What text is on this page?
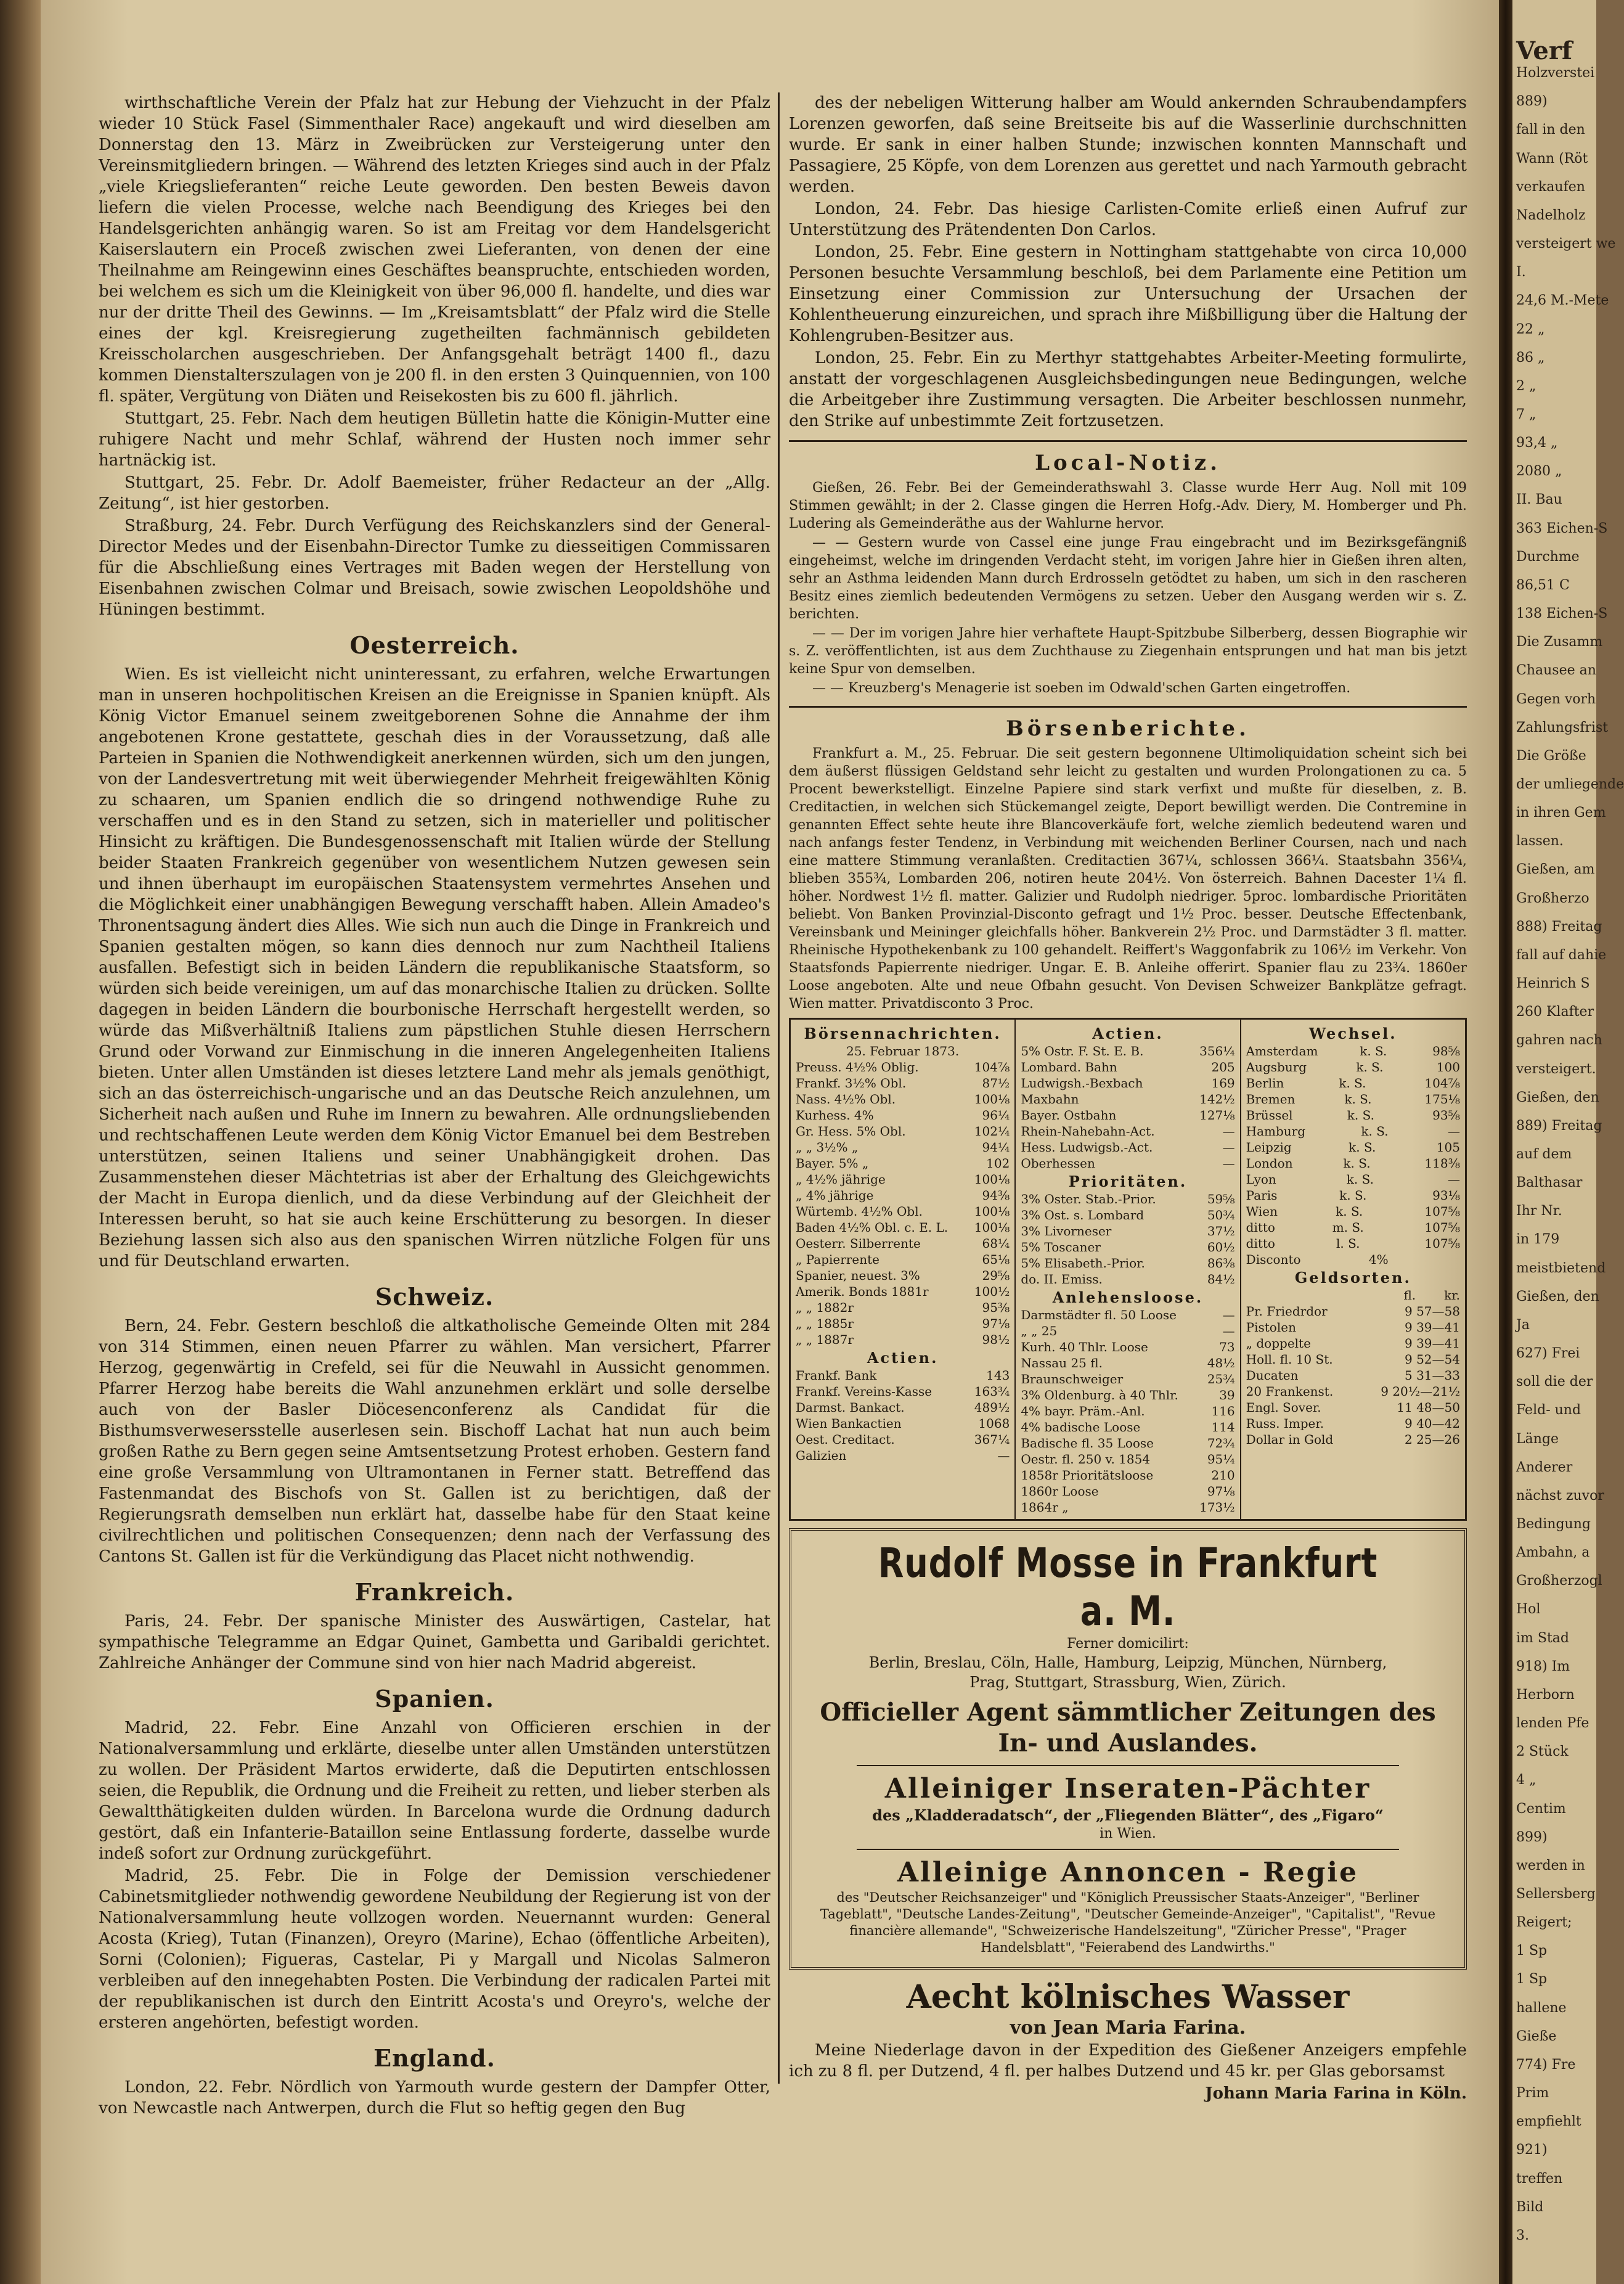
Verf
Holzverstei
889)
fall in den
Wann (Röt
verkaufen
Nadelholz
versteigert we
I.
24,6 M.-Mete
22 „
86 „
2 „
7 „
93,4 „
2080 „
II. Bau
363 Eichen-S
Durchme
86,51 C
138 Eichen-S
Die Zusamm
Chausee an
Gegen vorh
Zahlungsfrist
Die Größe
der umliegende
in ihren Gem
lassen.
Gießen, am
Großherzo
888) Freitag
fall auf dahie
Heinrich S
260 Klafter
gahren nach
versteigert.
Gießen, den
889) Freitag
auf dem
Balthasar
Ihr Nr.
in 179
meistbietend
Gießen, den
Ja
627) Frei
soll die der
Feld- und
Länge
Anderer
nächst zuvor
Bedingung
Ambahn, a
Großherzogl
Hol
im Stad
918) Im
Herborn
lenden Pfe
2 Stück
4 „
Centim
899)
werden in
Sellersberg
Reigert;
1 Sp
1 Sp
hallene
Gieße
774) Fre
Prim
empfiehlt
921)
treffen
Bild
3.
wirthschaftliche Verein der Pfalz hat zur Hebung der Viehzucht in der Pfalz wieder 10 Stück Fasel (Simmenthaler Race) angekauft und wird dieselben am Donnerstag den 13. März in Zweibrücken zur Versteigerung unter den Vereinsmitgliedern bringen. — Während des letzten Krieges sind auch in der Pfalz „viele Kriegslieferanten“ reiche Leute geworden. Den besten Beweis davon liefern die vielen Processe, welche nach Beendigung des Krieges bei den Handelsgerichten anhängig waren. So ist am Freitag vor dem Handelsgericht Kaiserslautern ein Proceß zwischen zwei Lieferanten, von denen der eine Theilnahme am Reingewinn eines Geschäftes beanspruchte, entschieden worden, bei welchem es sich um die Kleinigkeit von über 96,000 fl. handelte, und dies war nur der dritte Theil des Gewinns. — Im „Kreisamtsblatt“ der Pfalz wird die Stelle eines der kgl. Kreisregierung zugetheilten fachmännisch gebildeten Kreisscholarchen ausgeschrieben. Der Anfangsgehalt beträgt 1400 fl., dazu kommen Dienstalterszulagen von je 200 fl. in den ersten 3 Quinquennien, von 100 fl. später, Vergütung von Diäten und Reisekosten bis zu 600 fl. jährlich.
Stuttgart, 25. Febr. Nach dem heutigen Bülletin hatte die Königin-Mutter eine ruhigere Nacht und mehr Schlaf, während der Husten noch immer sehr hartnäckig ist.
Stuttgart, 25. Febr. Dr. Adolf Baemeister, früher Redacteur an der „Allg. Zeitung“, ist hier gestorben.
Straßburg, 24. Febr. Durch Verfügung des Reichskanzlers sind der General-Director Medes und der Eisenbahn-Director Tumke zu diesseitigen Commissaren für die Abschließung eines Vertrages mit Baden wegen der Herstellung von Eisenbahnen zwischen Colmar und Breisach, sowie zwischen Leopoldshöhe und Hüningen bestimmt.
Oesterreich.
Wien. Es ist vielleicht nicht uninteressant, zu erfahren, welche Erwartungen man in unseren hochpolitischen Kreisen an die Ereignisse in Spanien knüpft. Als König Victor Emanuel seinem zweitgeborenen Sohne die Annahme der ihm angebotenen Krone gestattete, geschah dies in der Voraussetzung, daß alle Parteien in Spanien die Nothwendigkeit anerkennen würden, sich um den jungen, von der Landesvertretung mit weit überwiegender Mehrheit freigewählten König zu schaaren, um Spanien endlich die so dringend nothwendige Ruhe zu verschaffen und es in den Stand zu setzen, sich in materieller und politischer Hinsicht zu kräftigen. Die Bundesgenossenschaft mit Italien würde der Stellung beider Staaten Frankreich gegenüber von wesentlichem Nutzen gewesen sein und ihnen überhaupt im europäischen Staatensystem vermehrtes Ansehen und die Möglichkeit einer unabhängigen Bewegung verschafft haben. Allein Amadeo's Thronentsagung ändert dies Alles. Wie sich nun auch die Dinge in Frankreich und Spanien gestalten mögen, so kann dies dennoch nur zum Nachtheil Italiens ausfallen. Befestigt sich in beiden Ländern die republikanische Staatsform, so würden sich beide vereinigen, um auf das monarchische Italien zu drücken. Sollte dagegen in beiden Ländern die bourbonische Herrschaft hergestellt werden, so würde das Mißverhältniß Italiens zum päpstlichen Stuhle diesen Herrschern Grund oder Vorwand zur Einmischung in die inneren Angelegenheiten Italiens bieten. Unter allen Umständen ist dieses letztere Land mehr als jemals genöthigt, sich an das österreichisch-ungarische und an das Deutsche Reich anzulehnen, um Sicherheit nach außen und Ruhe im Innern zu bewahren. Alle ordnungsliebenden und rechtschaffenen Leute werden dem König Victor Emanuel bei dem Bestreben unterstützen, seinen Italiens und seiner Unabhängigkeit drohen. Das Zusammenstehen dieser Mächtetrias ist aber der Erhaltung des Gleichgewichts der Macht in Europa dienlich, und da diese Verbindung auf der Gleichheit der Interessen beruht, so hat sie auch keine Erschütterung zu besorgen. In dieser Beziehung lassen sich also aus den spanischen Wirren nützliche Folgen für uns und für Deutschland erwarten.
Schweiz.
Bern, 24. Febr. Gestern beschloß die altkatholische Gemeinde Olten mit 284 von 314 Stimmen, einen neuen Pfarrer zu wählen. Man versichert, Pfarrer Herzog, gegenwärtig in Crefeld, sei für die Neuwahl in Aussicht genommen. Pfarrer Herzog habe bereits die Wahl anzunehmen erklärt und solle derselbe auch von der Basler Diöcesenconferenz als Candidat für die Bisthumsverwesersstelle auserlesen sein. Bischoff Lachat hat nun auch beim großen Rathe zu Bern gegen seine Amtsentsetzung Protest erhoben. Gestern fand eine große Versammlung von Ultramontanen in Ferner statt. Betreffend das Fastenmandat des Bischofs von St. Gallen ist zu berichtigen, daß der Regierungsrath demselben nun erklärt hat, dasselbe habe für den Staat keine civilrechtlichen und politischen Consequenzen; denn nach der Verfassung des Cantons St. Gallen ist für die Verkündigung das Placet nicht nothwendig.
Frankreich.
Paris, 24. Febr. Der spanische Minister des Auswärtigen, Castelar, hat sympathische Telegramme an Edgar Quinet, Gambetta und Garibaldi gerichtet. Zahlreiche Anhänger der Commune sind von hier nach Madrid abgereist.
Spanien.
Madrid, 22. Febr. Eine Anzahl von Officieren erschien in der Nationalversammlung und erklärte, dieselbe unter allen Umständen unterstützen zu wollen. Der Präsident Martos erwiderte, daß die Deputirten entschlossen seien, die Republik, die Ordnung und die Freiheit zu retten, und lieber sterben als Gewaltthätigkeiten dulden würden. In Barcelona wurde die Ordnung dadurch gestört, daß ein Infanterie-Bataillon seine Entlassung forderte, dasselbe wurde indeß sofort zur Ordnung zurückgeführt.
Madrid, 25. Febr. Die in Folge der Demission verschiedener Cabinetsmitglieder nothwendig gewordene Neubildung der Regierung ist von der Nationalversammlung heute vollzogen worden. Neuernannt wurden: General Acosta (Krieg), Tutan (Finanzen), Oreyro (Marine), Echao (öffentliche Arbeiten), Sorni (Colonien); Figueras, Castelar, Pi y Margall und Nicolas Salmeron verbleiben auf den innegehabten Posten. Die Verbindung der radicalen Partei mit der republikanischen ist durch den Eintritt Acosta's und Oreyro's, welche der ersteren angehörten, befestigt worden.
England.
London, 22. Febr. Nördlich von Yarmouth wurde gestern der Dampfer Otter, von Newcastle nach Antwerpen, durch die Flut so heftig gegen den Bug
des der nebeligen Witterung halber am Would ankernden Schraubendampfers Lorenzen geworfen, daß seine Breitseite bis auf die Wasserlinie durchschnitten wurde. Er sank in einer halben Stunde; inzwischen konnten Mannschaft und Passagiere, 25 Köpfe, von dem Lorenzen aus gerettet und nach Yarmouth gebracht werden.
London, 24. Febr. Das hiesige Carlisten-Comite erließ einen Aufruf zur Unterstützung des Prätendenten Don Carlos.
London, 25. Febr. Eine gestern in Nottingham stattgehabte von circa 10,000 Personen besuchte Versammlung beschloß, bei dem Parlamente eine Petition um Einsetzung einer Commission zur Untersuchung der Ursachen der Kohlentheuerung einzureichen, und sprach ihre Mißbilligung über die Haltung der Kohlengruben-Besitzer aus.
London, 25. Febr. Ein zu Merthyr stattgehabtes Arbeiter-Meeting formulirte, anstatt der vorgeschlagenen Ausgleichsbedingungen neue Bedingungen, welche die Arbeitgeber ihre Zustimmung versagten. Die Arbeiter beschlossen nunmehr, den Strike auf unbestimmte Zeit fortzusetzen.
Local-Notiz.
Gießen, 26. Febr. Bei der Gemeinderathswahl 3. Classe wurde Herr Aug. Noll mit 109 Stimmen gewählt; in der 2. Classe gingen die Herren Hofg.-Adv. Diery, M. Homberger und Ph. Ludering als Gemeinderäthe aus der Wahlurne hervor.
— — Gestern wurde von Cassel eine junge Frau eingebracht und im Bezirksgefängniß eingeheimst, welche im dringenden Verdacht steht, im vorigen Jahre hier in Gießen ihren alten, sehr an Asthma leidenden Mann durch Erdrosseln getödtet zu haben, um sich in den rascheren Besitz eines ziemlich bedeutenden Vermögens zu setzen. Ueber den Ausgang werden wir s. Z. berichten.
— — Der im vorigen Jahre hier verhaftete Haupt-Spitzbube Silberberg, dessen Biographie wir s. Z. veröffentlichten, ist aus dem Zuchthause zu Ziegenhain entsprungen und hat man bis jetzt keine Spur von demselben.
— — Kreuzberg's Menagerie ist soeben im Odwald'schen Garten eingetroffen.
Börsenberichte.
Frankfurt a. M., 25. Februar. Die seit gestern begonnene Ultimoliquidation scheint sich bei dem äußerst flüssigen Geldstand sehr leicht zu gestalten und wurden Prolongationen zu ca. 5 Procent bewerkstelligt. Einzelne Papiere sind stark verfixt und mußte für dieselben, z. B. Creditactien, in welchen sich Stückemangel zeigte, Deport bewilligt werden. Die Contremine in genannten Effect sehte heute ihre Blancoverkäufe fort, welche ziemlich bedeutend waren und nach anfangs fester Tendenz, in Verbindung mit weichenden Berliner Coursen, nach und nach eine mattere Stimmung veranlaßten. Creditactien 367¼, schlossen 366¼. Staatsbahn 356¼, blieben 355¾, Lombarden 206, notiren heute 204½. Von österreich. Bahnen Dacester 1¼ fl. höher. Nordwest 1½ fl. matter. Galizier und Rudolph niedriger. 5proc. lombardische Prioritäten beliebt. Von Banken Provinzial-Disconto gefragt und 1½ Proc. besser. Deutsche Effectenbank, Vereinsbank und Meininger gleichfalls höher. Bankverein 2½ Proc. und Darmstädter 3 fl. matter. Rheinische Hypothekenbank zu 100 gehandelt. Reiffert's Waggonfabrik zu 106½ im Verkehr. Von Staatsfonds Papierrente niedriger. Ungar. E. B. Anleihe offerirt. Spanier flau zu 23¾. 1860er Loose angeboten. Alte und neue Ofbahn gesucht. Von Devisen Schweizer Bankplätze gefragt. Wien matter. Privatdisconto 3 Proc.
Börsennachrichten.
25. Februar 1873.
Preuss. 4½% Oblig.	104⅞
Frankf. 3½% Obl.	87½
Nass. 4½% Obl.	100⅛
Kurhess. 4%	96¼
Gr. Hess. 5% Obl.	102¼
„ „ 3½% „	94¼
Bayer. 5% „	102
„ 4½% jährige	100⅛
„ 4% jährige	94⅜
Würtemb. 4½% Obl.	100⅛
Baden 4½% Obl. c. E. L. 100⅛
Oesterr. Silberrente	68¼
„ Papierrente	65⅛
Spanier, neuest. 3%	29⅝
Amerik. Bonds 1881r	100½
„ „ 1882r	95⅜
„ „ 1885r	97⅛
„ „ 1887r	98½
Actien.
Frankf. Bank	143
Frankf. Vereins-Kasse	163¾
Darmst. Bankact.	489½
Wien Bankactien	1068
Oest. Creditact.	367¼
Galizien	—
Actien.
5% Ostr. F. St. E. B.	356¼
Lombard. Bahn	205
Ludwigsh.-Bexbach	169
Maxbahn	142½
Bayer. Ostbahn	127⅛
Rhein-Nahebahn-Act.	—
Hess. Ludwigsb.-Act.	—
Oberhessen	—
Prioritäten.
3% Oster. Stab.-Prior.	59⅝
3% Ost. s. Lombard	50¾
3% Livorneser	37½
5% Toscaner	60½
5% Elisabeth.-Prior.	86⅜
do. II. Emiss.	84½
Anlehensloose.
Darmstädter fl. 50 Loose	—
„ „ 25	—
Kurh. 40 Thlr. Loose	73
Nassau 25 fl.	48½
Braunschweiger	25¾
3% Oldenburg. à 40 Thlr.	39
4% bayr. Präm.-Anl.	116
4% badische Loose	114
Badische fl. 35 Loose	72¾
Oestr. fl. 250 v. 1854	95¼
1858r Prioritätsloose	210
1860r Loose	97⅛
1864r „	173½
Wechsel.
Amsterdam	k. S.	98⅝
Augsburg	k. S.	100
Berlin	k. S.	104⅞
Bremen	k. S.	175⅛
Brüssel	k. S.	93⅝
Hamburg	k. S.	—
Leipzig	k. S.	105
London	k. S.	118⅜
Lyon	k. S.	—
Paris	k. S.	93⅛
Wien	k. S.	107⅝
ditto	m. S.	107⅝
ditto	l. S.	107⅝
Disconto	4%
Geldsorten.
fl. kr.
Pr. Friedrdor	9 57—58
Pistolen	9 39—41
„ doppelte	9 39—41
Holl. fl. 10 St.	9 52—54
Ducaten	5 31—33
20 Frankenst.	9 20½—21½
Engl. Sover.	11 48—50
Russ. Imper.	9 40—42
Dollar in Gold	2 25—26
Rudolf Mosse in Frankfurt a. M.
Ferner domicilirt:
Berlin, Breslau, Cöln, Halle, Hamburg, Leipzig, München, Nürnberg,
Prag, Stuttgart, Strassburg, Wien, Zürich.
Officieller Agent sämmtlicher Zeitungen des In- und Auslandes.
Alleiniger Inseraten-Pächter
des „Kladderadatsch“, der „Fliegenden Blätter“, des „Figaro“
in Wien.
Alleinige Annoncen - Regie
des "Deutscher Reichsanzeiger" und "Königlich Preussischer Staats-Anzeiger", "Berliner Tageblatt", "Deutsche Landes-Zeitung", "Deutscher Gemeinde-Anzeiger", "Capitalist", "Revue financière allemande", "Schweizerische Handelszeitung", "Züricher Presse", "Prager Handelsblatt", "Feierabend des Landwirths."
Aecht kölnisches Wasser
von Jean Maria Farina.
Meine Niederlage davon in der Expedition des Gießener Anzeigers empfehle ich zu 8 fl. per Dutzend, 4 fl. per halbes Dutzend und 45 kr. per Glas geborsamst
Johann Maria Farina in Köln.
